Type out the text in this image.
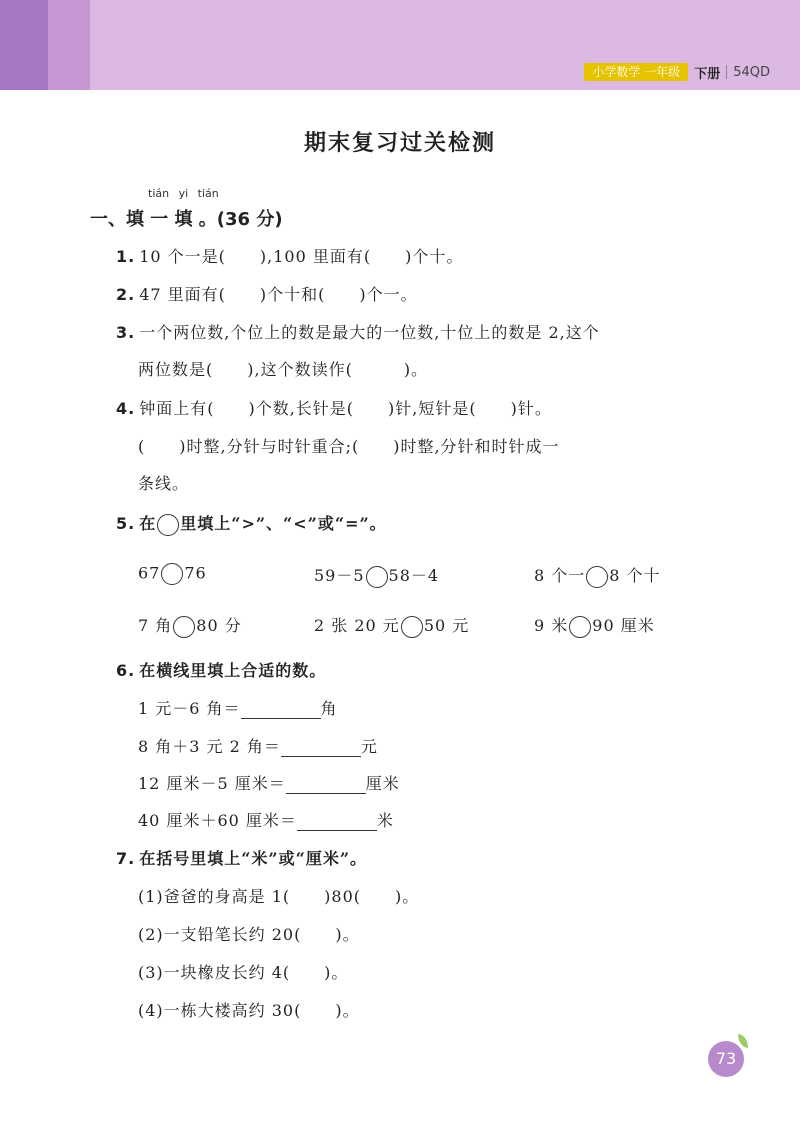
小学数学 一年级	下册 54QD
期末复习过关检测
tián yi tián
一、填 一 填 。(36 分)
1. 10 个一是(　　),100 里面有(　　)个十。
2. 47 里面有(　　)个十和(　　)个一。
3. 一个两位数,个位上的数是最大的一位数,十位上的数是 2,这个
两位数是(　　),这个数读作(　　　)。
4. 钟面上有(　　)个数,长针是(　　)针,短针是(　　)针。
(　　)时整,分针与时针重合;(　　)时整,分针和时针成一
条线。
5. 在 里填上“>”、“<”或“=”。
67 76	59－5 58－4	8 个一 8 个十
7 角 80 分	2 张 20 元 50 元	9 米 90 厘米
6. 在横线里填上合适的数。
1 元－6 角＝	角
8 角＋3 元 2 角＝	元
12 厘米－5 厘米＝	厘米
40 厘米＋60 厘米＝	米
7. 在括号里填上“米”或“厘米”。
(1)爸爸的身高是 1(　　)80(　　)。
(2)一支铅笔长约 20(　　)。
(3)一块橡皮长约 4(　　)。
(4)一栋大楼高约 30(　　)。
73
